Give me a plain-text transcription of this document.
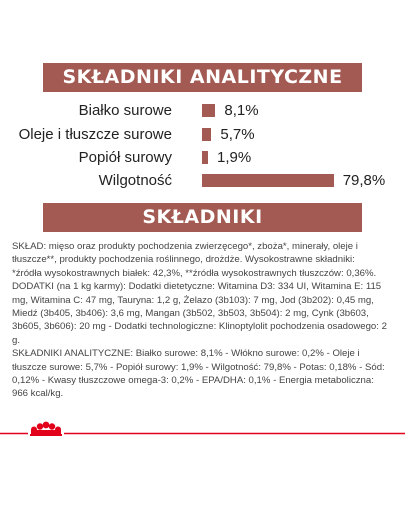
SKŁADNIKI ANALITYCZNE
Białko surowe	8,1%
Oleje i tłuszcze surowe	5,7%
Popiół surowy	1,9%
Wilgotność	79,8%
SKŁADNIKI

SKŁAD: mięso oraz produkty pochodzenia zwierzęcego*, zboża*, minerały, oleje i tłuszcze**, produkty pochodzenia roślinnego, drożdże. Wysokostrawne składniki: *źródła wysokostrawnych białek: 42,3%, **źródła wysokostrawnych tłuszczów: 0,36%.

DODATKI (na 1 kg karmy): Dodatki dietetyczne: Witamina D3: 334 UI, Witamina E: 115 mg, Witamina C: 47 mg, Tauryna: 1,2 g, Żelazo (3b103): 7 mg, Jod (3b202): 0,45 mg, Miedź (3b405, 3b406): 3,6 mg, Mangan (3b502, 3b503, 3b504): 2 mg, Cynk (3b603, 3b605, 3b606): 20 mg - Dodatki technologiczne: Klinoptylolit pochodzenia osadowego: 2 g.

SKŁADNIKI ANALITYCZNE: Białko surowe: 8,1% - Włókno surowe: 0,2% - Oleje i tłuszcze surowe: 5,7% - Popiół surowy: 1,9% - Wilgotność: 79,8% - Potas: 0,18% - Sód: 0,12% - Kwasy tłuszczowe omega-3: 0,2% - EPA/DHA: 0,1% - Energia metaboliczna: 966 kcal/kg.
